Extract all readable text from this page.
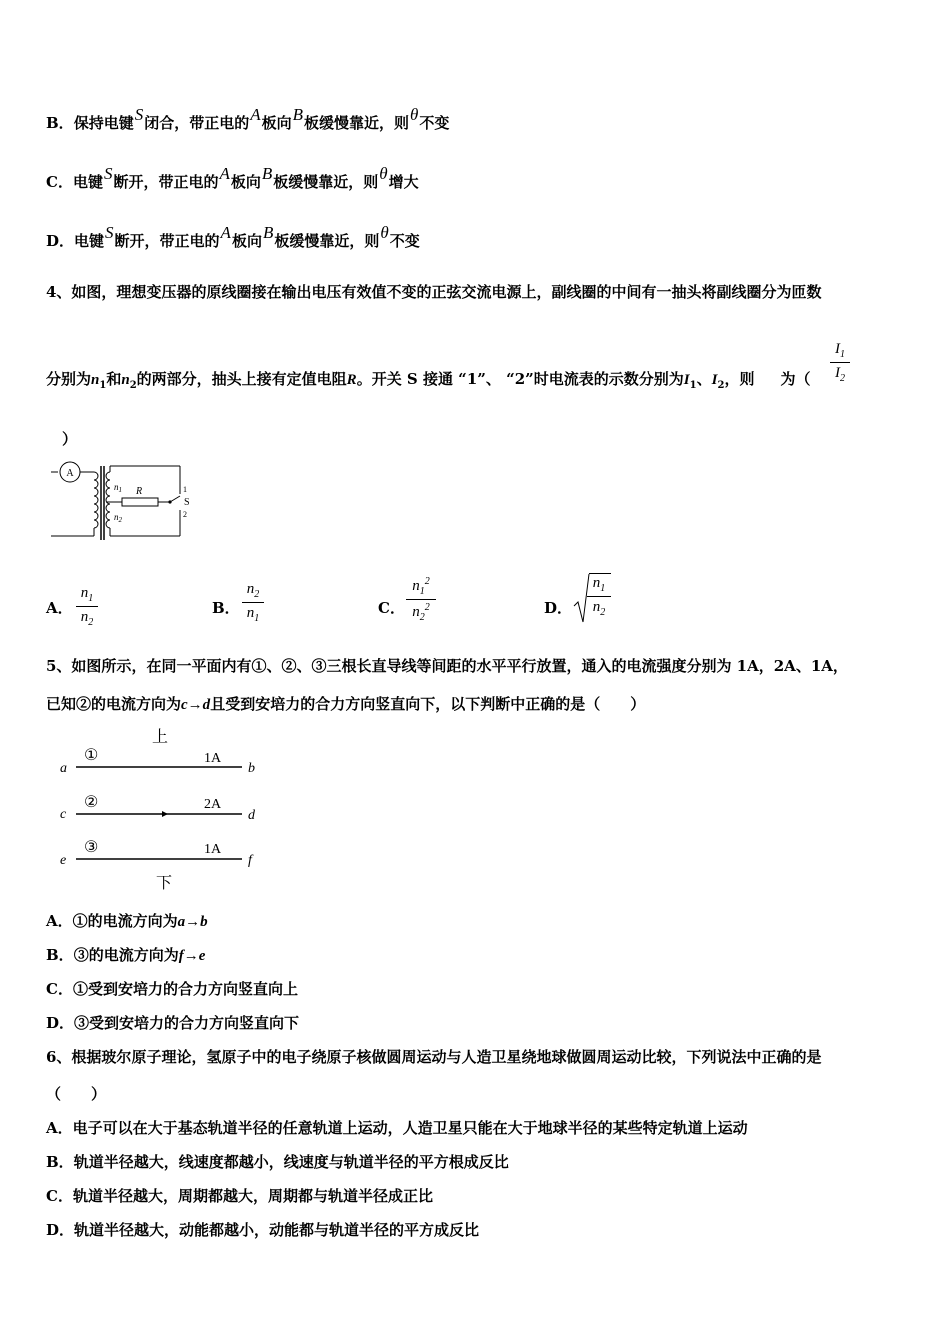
B．保持电键S闭合，带正电的A板向B板缓慢靠近，则θ不变
C．电键S断开，带正电的A板向B板缓慢靠近，则θ增大
D．电键S断开，带正电的A板向B板缓慢靠近，则θ不变
4、如图，理想变压器的原线圈接在输出电压有效值不变的正弦交流电源上，副线圈的中间有一抽头将副线圈分为匝数
分别为$n_1$和$n_2$的两部分，抽头上接有定值电阻R。开关 S 接通 “1”、 “2”时电流表的示数分别为$I_1$、$I_2$，则 为（
$I_1$
$I_2$
）
A
$n_1$
$n_2$
R	1
S
2
A．
$n_1$
$n_2$
B．
$n_2$
$n_1$
C．
$n_1^2$
$n_2^2$	D．
$n_1$
$n_2$
5、如图所示，在同一平面内有①、②、③三根长直导线等间距的水平平行放置，通入的电流强度分别为 1A，2A、1A，
已知②的电流方向为c→d且受到安培力的合力方向竖直向下，以下判断中正确的是（　　）
上
a
①	1A
b
c
②	2A
d
e
③	1A
f
下
A．①的电流方向为a→b
B．③的电流方向为f→e
C．①受到安培力的合力方向竖直向上
D．③受到安培力的合力方向竖直向下
6、根据玻尔原子理论，氢原子中的电子绕原子核做圆周运动与人造卫星绕地球做圆周运动比较，下列说法中正确的是
（　　）
A．电子可以在大于基态轨道半径的任意轨道上运动，人造卫星只能在大于地球半径的某些特定轨道上运动
B．轨道半径越大，线速度都越小，线速度与轨道半径的平方根成反比
C．轨道半径越大，周期都越大，周期都与轨道半径成正比
D．轨道半径越大，动能都越小，动能都与轨道半径的平方成反比
